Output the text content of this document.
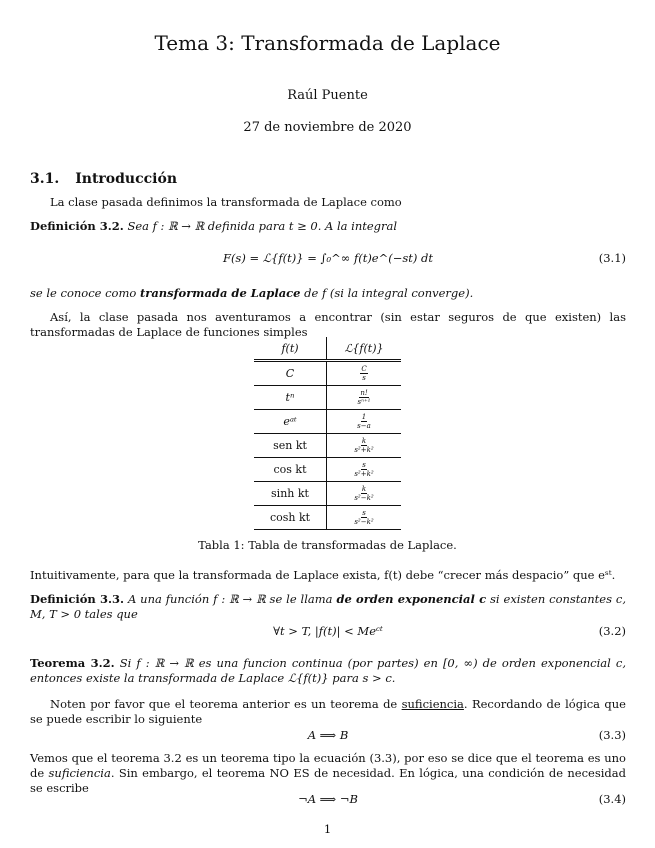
Tema 3: Transformada de Laplace
Raúl Puente
27 de noviembre de 2020
3.1. Introducción
La clase pasada definimos la transformada de Laplace como
Definición 3.2. Sea f : ℝ → ℝ definida para t ≥ 0. A la integral
F(s) = ℒ{f(t)} = ∫₀^∞ f(t)e^(−st) dt	(3.1)
se le conoce como transformada de Laplace de f (si la integral converge).
Así, la clase pasada nos aventuramos a encontrar (sin estar seguros de que existen) las transformadas de Laplace de funciones simples
f(t)	ℒ{f(t)}
C	$\frac{C}{s}$

tⁿ	$\frac{n!}{\text{sⁿ⁺¹}}$

eᵃᵗ	$\frac{1}{s-a}$

sen kt	$\frac{k}{\text{s²+k²}}$

cos kt	$\frac{s}{\text{s²+k²}}$

sinh kt	$\frac{k}{\text{s²−k²}}$

cosh kt	$\frac{s}{\text{s²−k²}}$
Tabla 1: Tabla de transformadas de Laplace.
Intuitivamente, para que la transformada de Laplace exista, f(t) debe “crecer más despacio” que eˢᵗ.
Definición 3.3. A una función f : ℝ → ℝ se le llama de orden exponencial c si existen constantes c, M, T > 0 tales que
∀t > T, |f(t)| < Meᶜᵗ	(3.2)
Teorema 3.2. Si f : ℝ → ℝ es una funcion continua (por partes) en [0, ∞) de orden exponencial c, entonces existe la transformada de Laplace ℒ{f(t)} para s > c.
Noten por favor que el teorema anterior es un teorema de suficiencia. Recordando de lógica que se puede escribir lo siguiente
A ⟹ B	(3.3)
Vemos que el teorema 3.2 es un teorema tipo la ecuación (3.3), por eso se dice que el teorema es uno de suficiencia. Sin embargo, el teorema NO ES de necesidad. En lógica, una condición de necesidad se escribe
¬A ⟹ ¬B	(3.4)
1
